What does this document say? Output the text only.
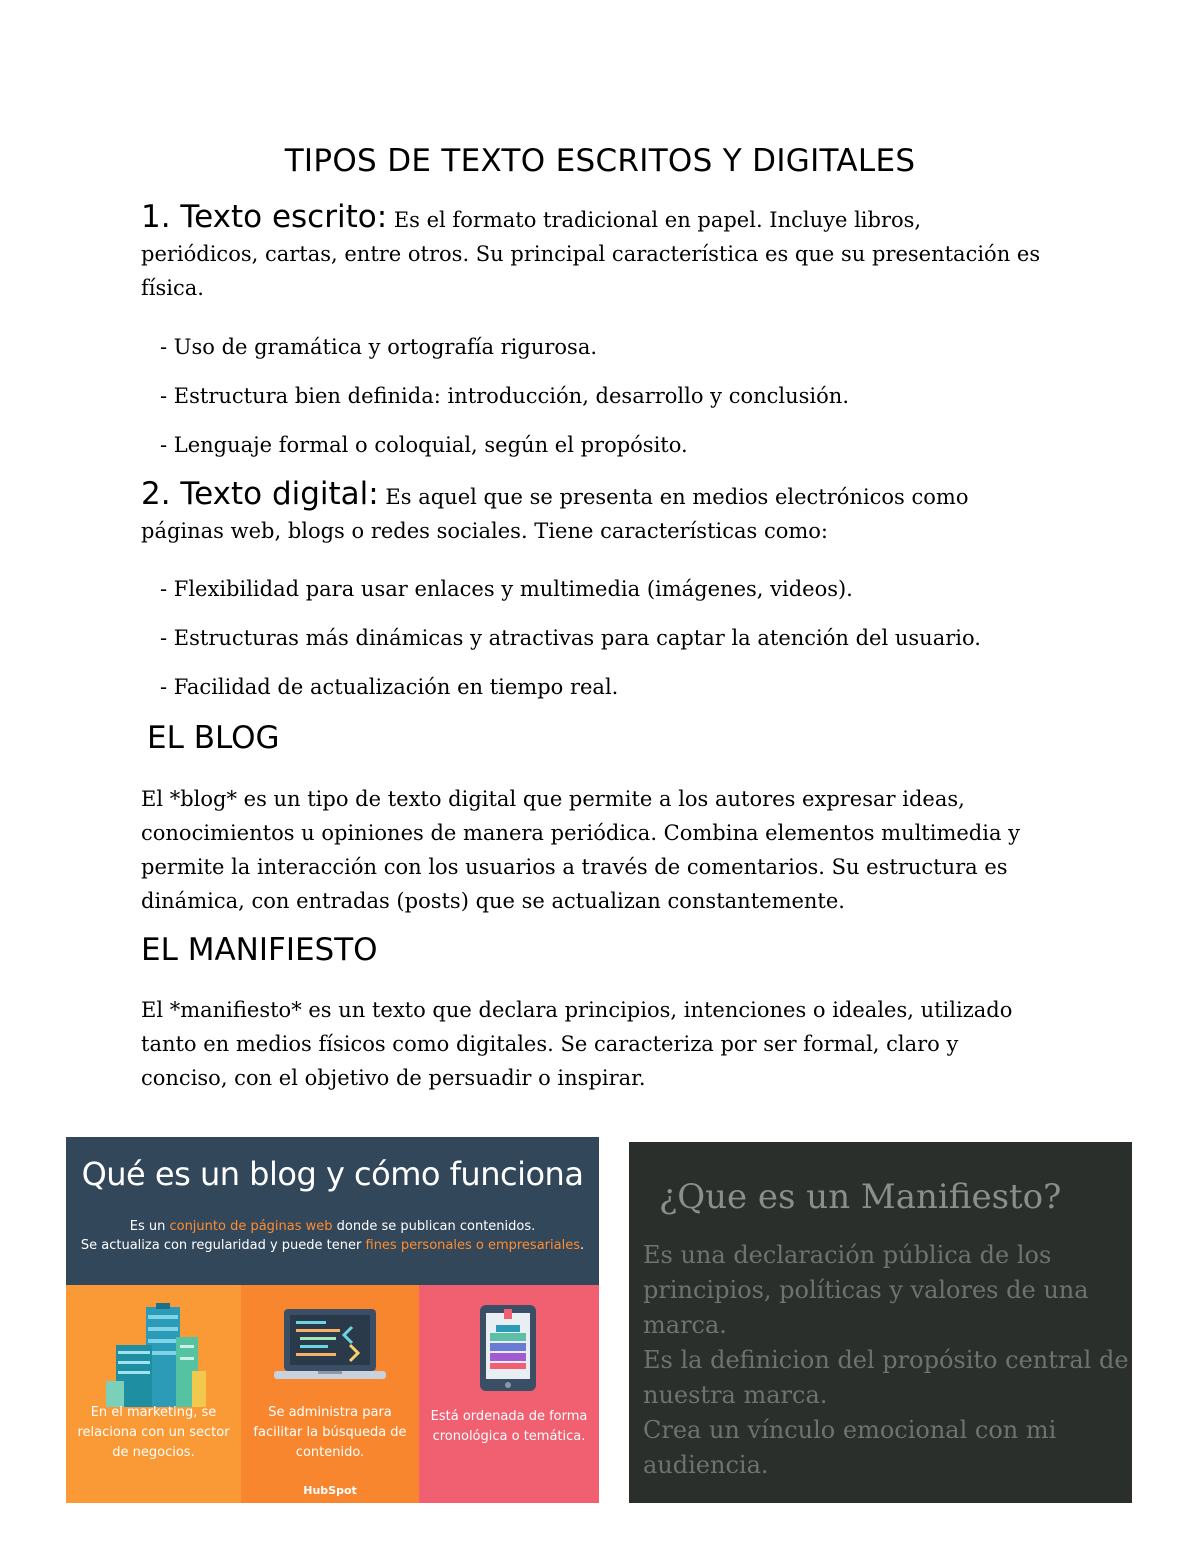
TIPOS DE TEXTO ESCRITOS Y DIGITALES
1. Texto escrito: Es el formato tradicional en papel. Incluye libros,
periódicos, cartas, entre otros. Su principal característica es que su presentación es
física.
- Uso de gramática y ortografía rigurosa.
- Estructura bien definida: introducción, desarrollo y conclusión.
- Lenguaje formal o coloquial, según el propósito.
2. Texto digital: Es aquel que se presenta en medios electrónicos como
páginas web, blogs o redes sociales. Tiene características como:
- Flexibilidad para usar enlaces y multimedia (imágenes, videos).
- Estructuras más dinámicas y atractivas para captar la atención del usuario.
- Facilidad de actualización en tiempo real.
EL BLOG
El *blog* es un tipo de texto digital que permite a los autores expresar ideas,
conocimientos u opiniones de manera periódica. Combina elementos multimedia y
permite la interacción con los usuarios a través de comentarios. Su estructura es
dinámica, con entradas (posts) que se actualizan constantemente.
EL MANIFIESTO
El *manifiesto* es un texto que declara principios, intenciones o ideales, utilizado
tanto en medios físicos como digitales. Se caracteriza por ser formal, claro y
conciso, con el objetivo de persuadir o inspirar.
Qué es un blog y cómo funciona
Es un conjunto de páginas web donde se publican contenidos.
Se actualiza con regularidad y puede tener fines personales o empresariales.
En el marketing, se relaciona con un sector de negocios.
Se administra para facilitar la búsqueda de contenido.
HubSpot
Está ordenada de forma cronológica o temática.
¿Que es un Manifiesto?
Es una declaración pública de los
principios, políticas y valores de una
marca.
Es la definicion del propósito central de
nuestra marca.
Crea un vínculo emocional con mi
audiencia.
